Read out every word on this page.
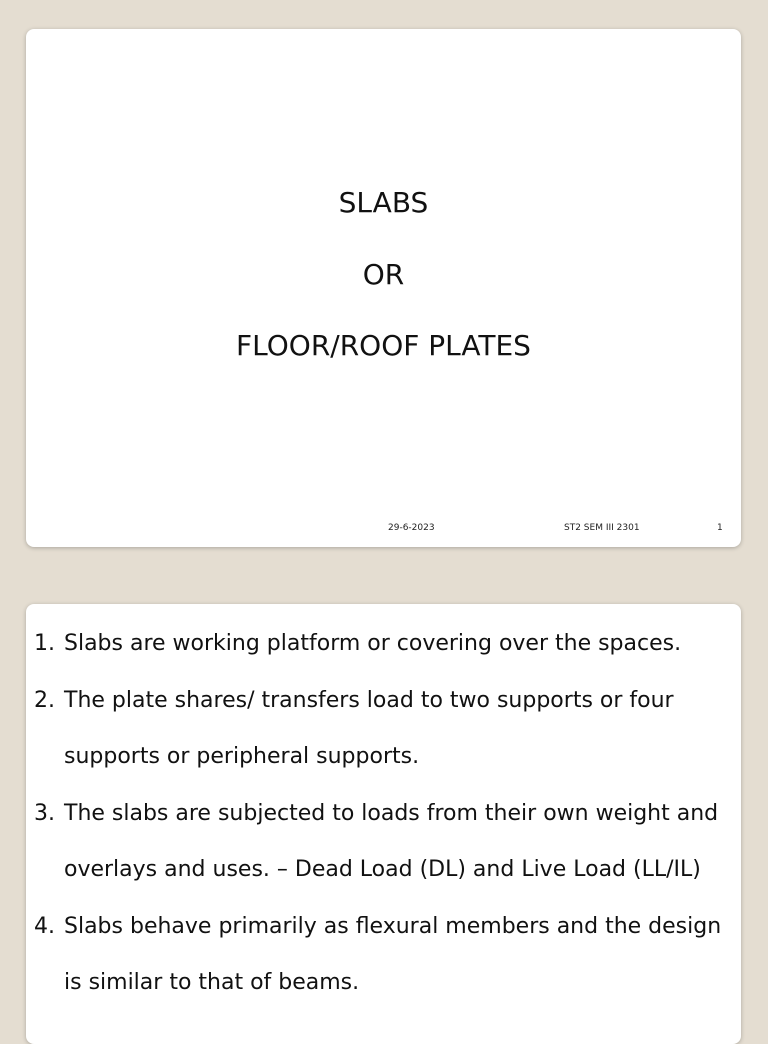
SLABS
OR
FLOOR/ROOF PLATES
29-6-2023	ST2 SEM III 2301	1
1. Slabs are working platform or covering over the spaces.
2. The plate shares/ transfers load to two supports or four supports or peripheral supports.
3. The slabs are subjected to loads from their own weight and overlays and uses. – Dead Load (DL) and Live Load (LL/IL)
4. Slabs behave primarily as flexural members and the design is similar to that of beams.
